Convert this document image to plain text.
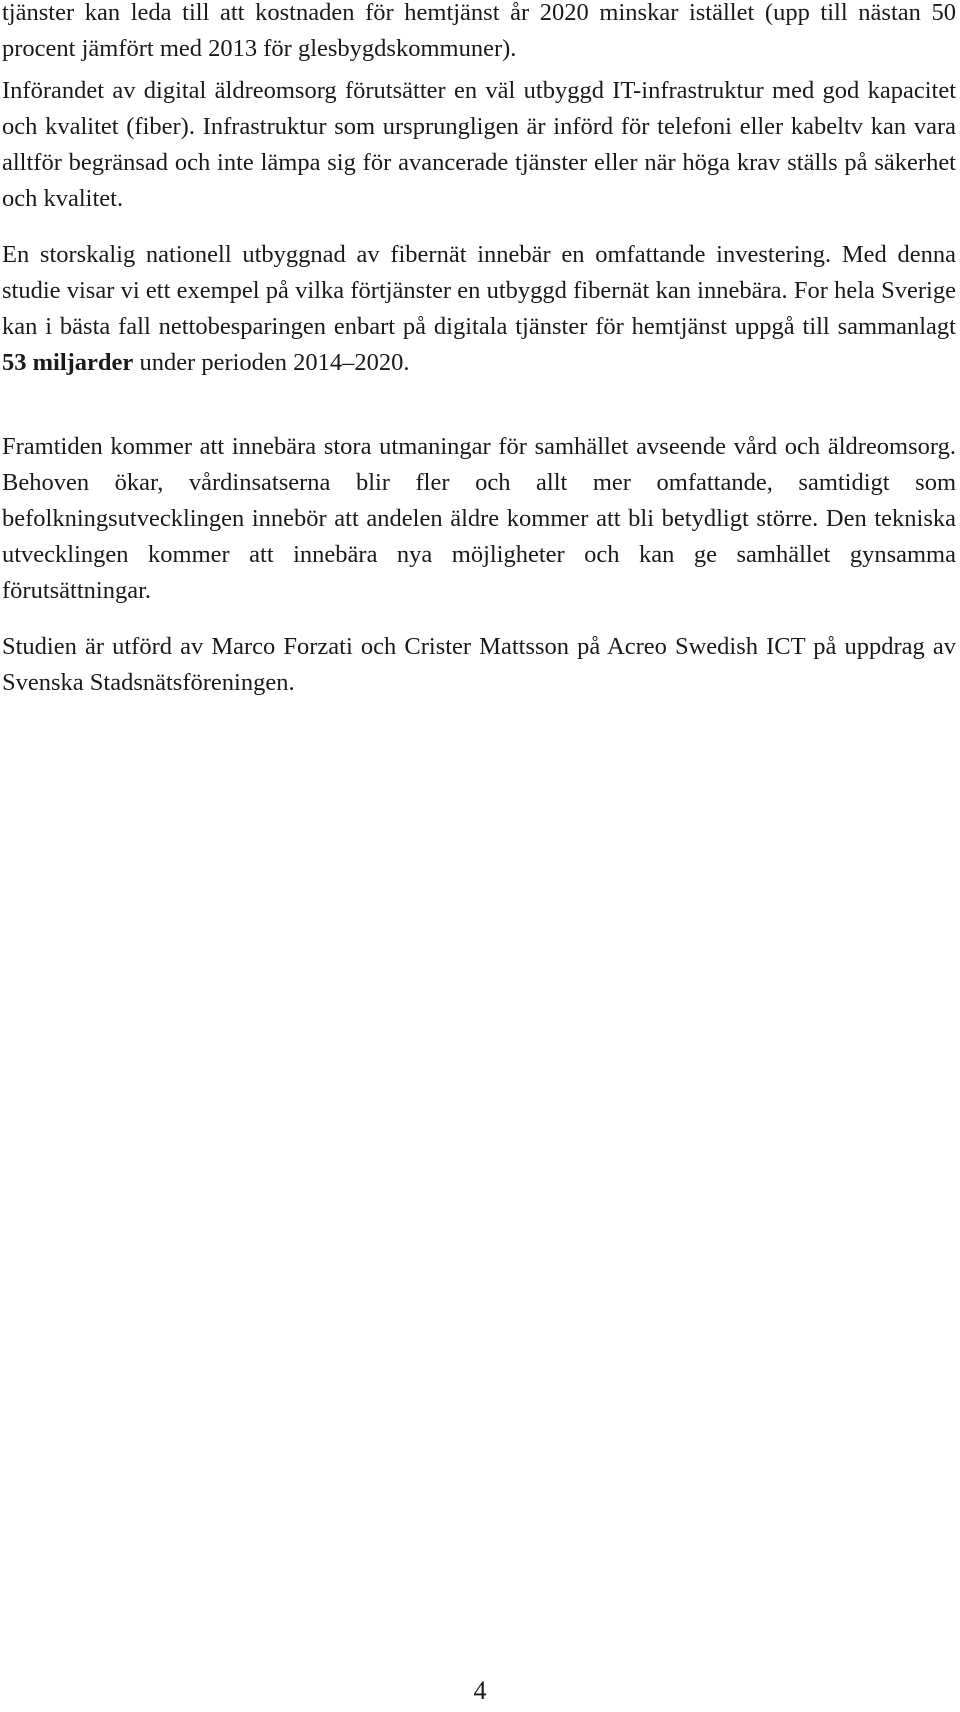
tjänster kan leda till att kostnaden för hemtjänst år 2020 minskar istället (upp till nästan 50 procent jämfört med 2013 för glesbygdskommuner).

Införandet av digital äldreomsorg förutsätter en väl utbyggd IT-infrastruktur med god kapacitet och kvalitet (fiber). Infrastruktur som ursprungligen är införd för telefoni eller kabeltv kan vara alltför begränsad och inte lämpa sig för avancerade tjänster eller när höga krav ställs på säkerhet och kvalitet.

En storskalig nationell utbyggnad av fibernät innebär en omfattande investering. Med denna studie visar vi ett exempel på vilka förtjänster en utbyggd fibernät kan innebära. For hela Sverige kan i bästa fall nettobesparingen enbart på digitala tjänster för hemtjänst uppgå till sammanlagt 53 miljarder under perioden 2014–2020.

Framtiden kommer att innebära stora utmaningar för samhället avseende vård och äldreomsorg. Behoven ökar, vårdinsatserna blir fler och allt mer omfattande, samtidigt som befolkningsutvecklingen innebör att andelen äldre kommer att bli betydligt större. Den tekniska utvecklingen kommer att innebära nya möjligheter och kan ge samhället gynsamma förutsättningar.

Studien är utförd av Marco Forzati och Crister Mattsson på Acreo Swedish ICT på uppdrag av Svenska Stadsnätsföreningen.

4
